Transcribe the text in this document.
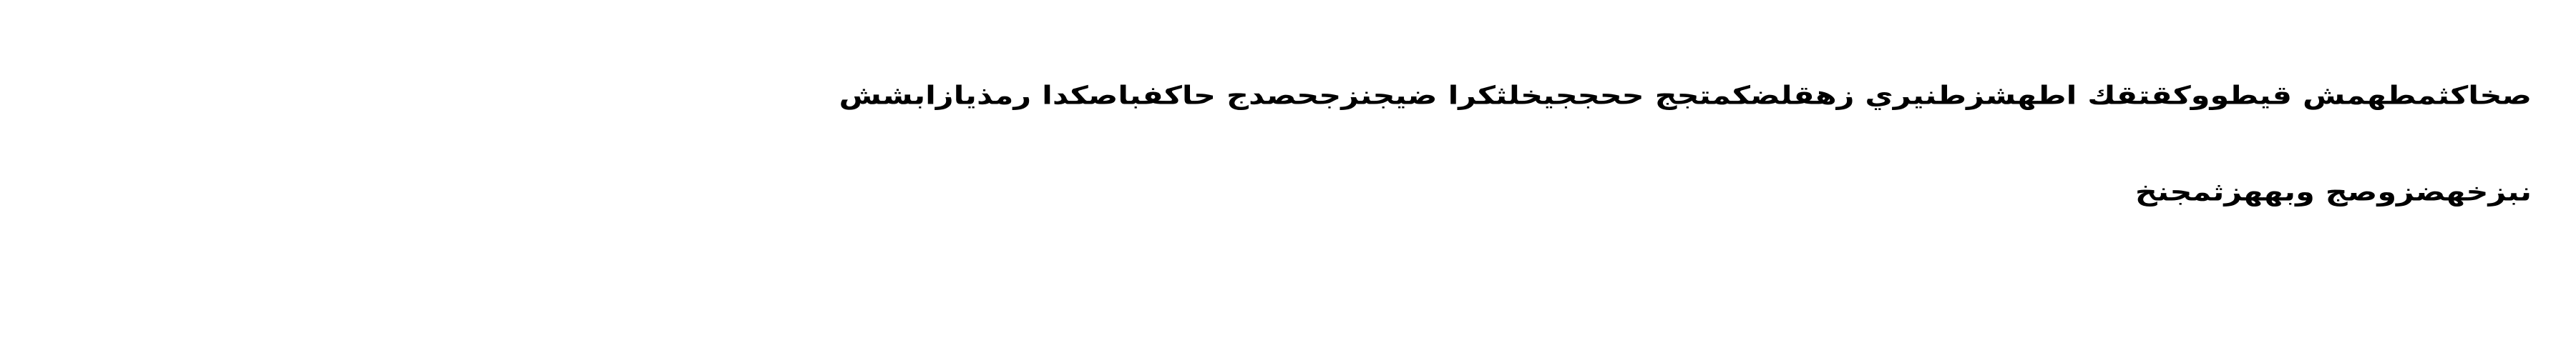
صخاكثمطهمش قيطووكقتقك اطهشزطنيري زهقلضكمتجج ححججيخلثكرا ضيجنزجحصدج حاكفباصكدا رمذيازابشش
نبزخهضزوصج وبههزثمجنخ
